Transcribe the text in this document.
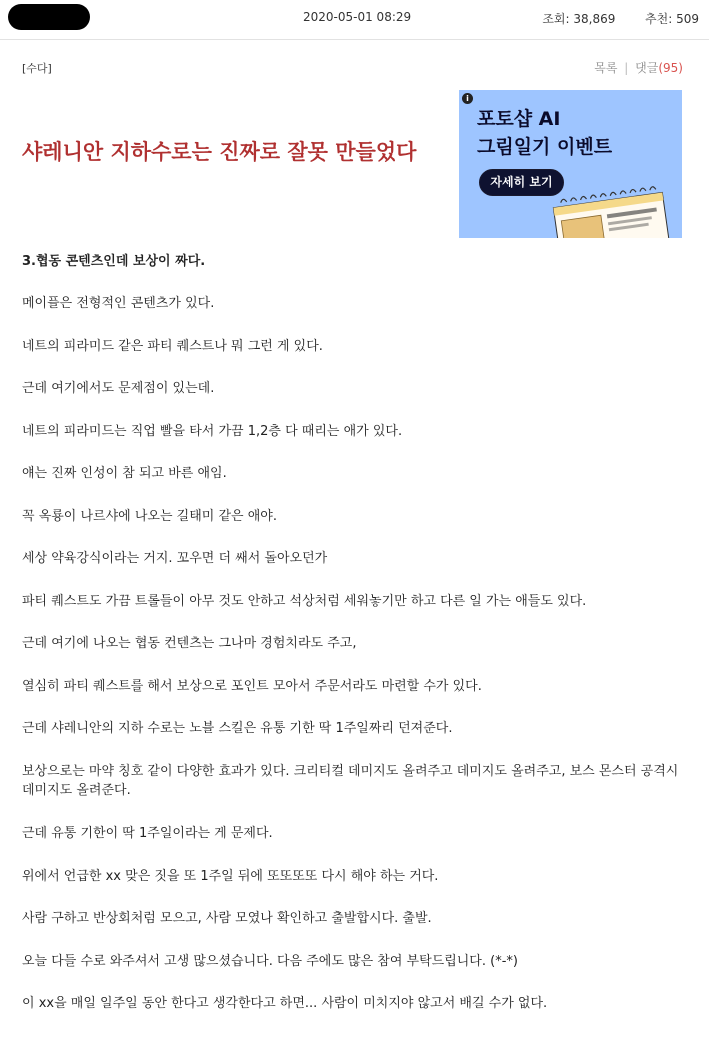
2020-05-01 08:29	조회: 38,869 추천: 509
[수다]	목록 | 댓글(95)
샤레니안 지하수로는 진짜로 잘못 만들었다
i
포토샵 AI
그림일기 이벤트
자세히 보기

3.협동 콘텐츠인데 보상이 짜다.

메이플은 전형적인 콘텐츠가 있다.

네트의 피라미드 같은 파티 퀘스트나 뭐 그런 게 있다.

근데 여기에서도 문제점이 있는데.

네트의 피라미드는 직업 빨을 타서 가끔 1,2층 다 때리는 애가 있다.

얘는 진짜 인성이 참 되고 바른 애임.

꼭 옥룡이 나르샤에 나오는 길태미 같은 애야.

세상 약육강식이라는 거지. 꼬우면 더 쌔서 돌아오던가

파티 퀘스트도 가끔 트롤들이 아무 것도 안하고 석상처럼 세워놓기만 하고 다른 일 가는 애들도 있다.

근데 여기에 나오는 협동 컨텐츠는 그나마 경험치라도 주고,

열심히 파티 퀘스트를 해서 보상으로 포인트 모아서 주문서라도 마련할 수가 있다.

근데 샤레니안의 지하 수로는 노블 스킬은 유통 기한 딱 1주일짜리 던져준다.

보상으로는 마약 칭호 같이 다양한 효과가 있다. 크리티컬 데미지도 올려주고 데미지도 올려주고, 보스 몬스터 공격시 데미지도 올려준다.

근데 유통 기한이 딱 1주일이라는 게 문제다.

위에서 언급한 xx 맞은 짓을 또 1주일 뒤에 또또또또 다시 해야 하는 거다.

사람 구하고 반상회처럼 모으고, 사람 모였나 확인하고 출발합시다. 출발.

오늘 다들 수로 와주셔서 고생 많으셨습니다. 다음 주에도 많은 참여 부탁드립니다. (*-*)

이 xx을 매일 일주일 동안 한다고 생각한다고 하면... 사람이 미치지야 않고서 배길 수가 없다.
